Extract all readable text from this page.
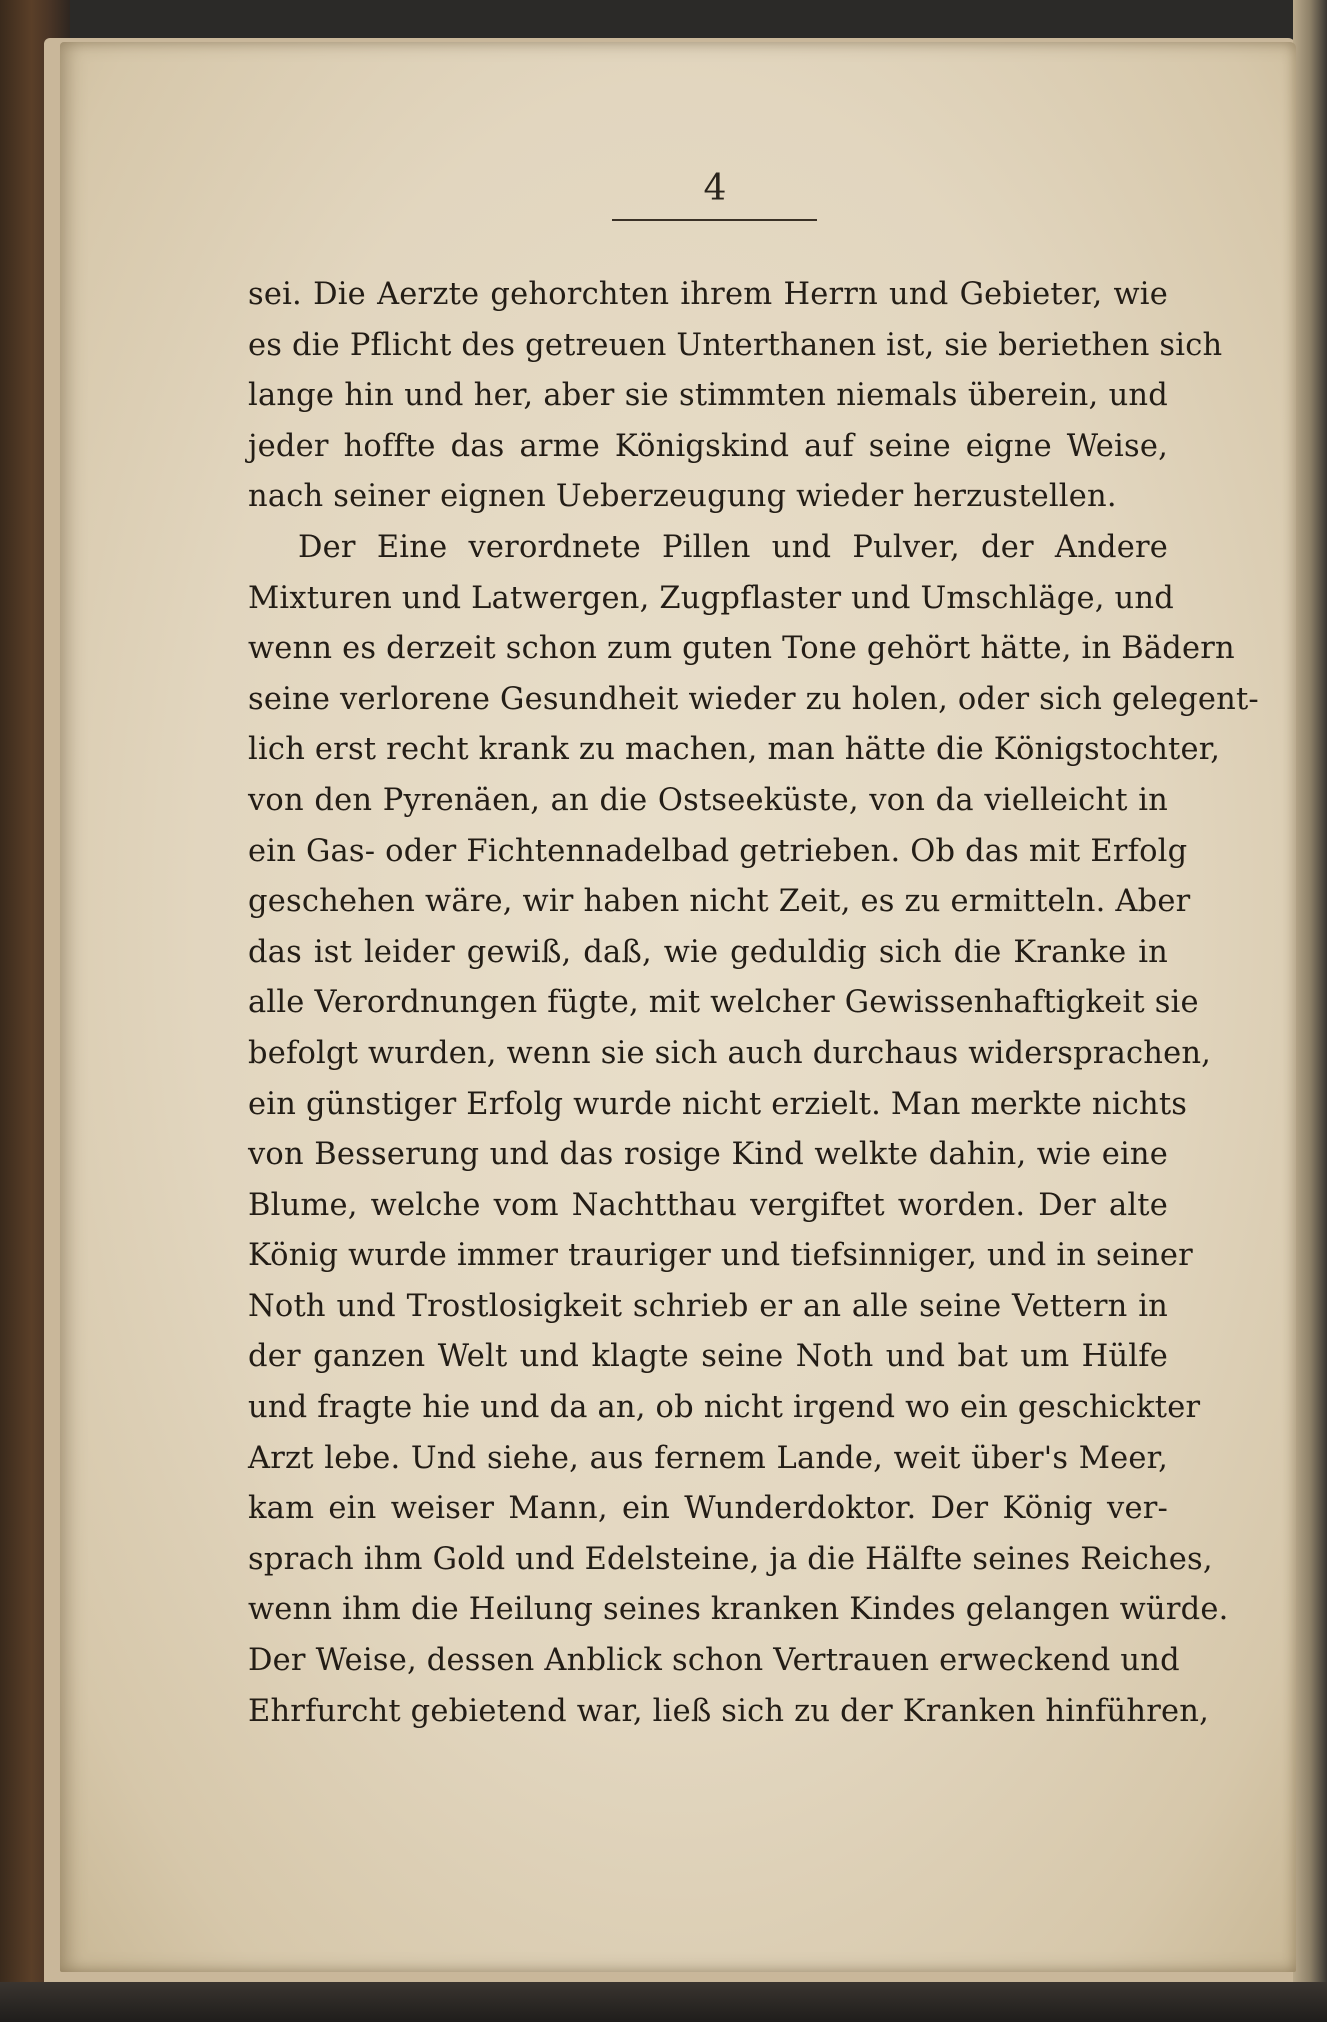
4
sei. Die Aerzte gehorchten ihrem Herrn und Gebieter, wie
es die Pflicht des getreuen Unterthanen ist, sie beriethen sich
lange hin und her, aber sie stimmten niemals überein, und
jeder hoffte das arme Königskind auf seine eigne Weise,
nach seiner eignen Ueberzeugung wieder herzustellen.
Der Eine verordnete Pillen und Pulver, der Andere
Mixturen und Latwergen, Zugpflaster und Umschläge, und
wenn es derzeit schon zum guten Tone gehört hätte, in Bädern
seine verlorene Gesundheit wieder zu holen, oder sich gelegent-
lich erst recht krank zu machen, man hätte die Königstochter,
von den Pyrenäen, an die Ostseeküste, von da vielleicht in
ein Gas- oder Fichtennadelbad getrieben. Ob das mit Erfolg
geschehen wäre, wir haben nicht Zeit, es zu ermitteln. Aber
das ist leider gewiß, daß, wie geduldig sich die Kranke in
alle Verordnungen fügte, mit welcher Gewissenhaftigkeit sie
befolgt wurden, wenn sie sich auch durchaus widersprachen,
ein günstiger Erfolg wurde nicht erzielt. Man merkte nichts
von Besserung und das rosige Kind welkte dahin, wie eine
Blume, welche vom Nachtthau vergiftet worden. Der alte
König wurde immer trauriger und tiefsinniger, und in seiner
Noth und Trostlosigkeit schrieb er an alle seine Vettern in
der ganzen Welt und klagte seine Noth und bat um Hülfe
und fragte hie und da an, ob nicht irgend wo ein geschickter
Arzt lebe. Und siehe, aus fernem Lande, weit über's Meer,
kam ein weiser Mann, ein Wunderdoktor. Der König ver-
sprach ihm Gold und Edelsteine, ja die Hälfte seines Reiches,
wenn ihm die Heilung seines kranken Kindes gelangen würde.
Der Weise, dessen Anblick schon Vertrauen erweckend und
Ehrfurcht gebietend war, ließ sich zu der Kranken hinführen,
